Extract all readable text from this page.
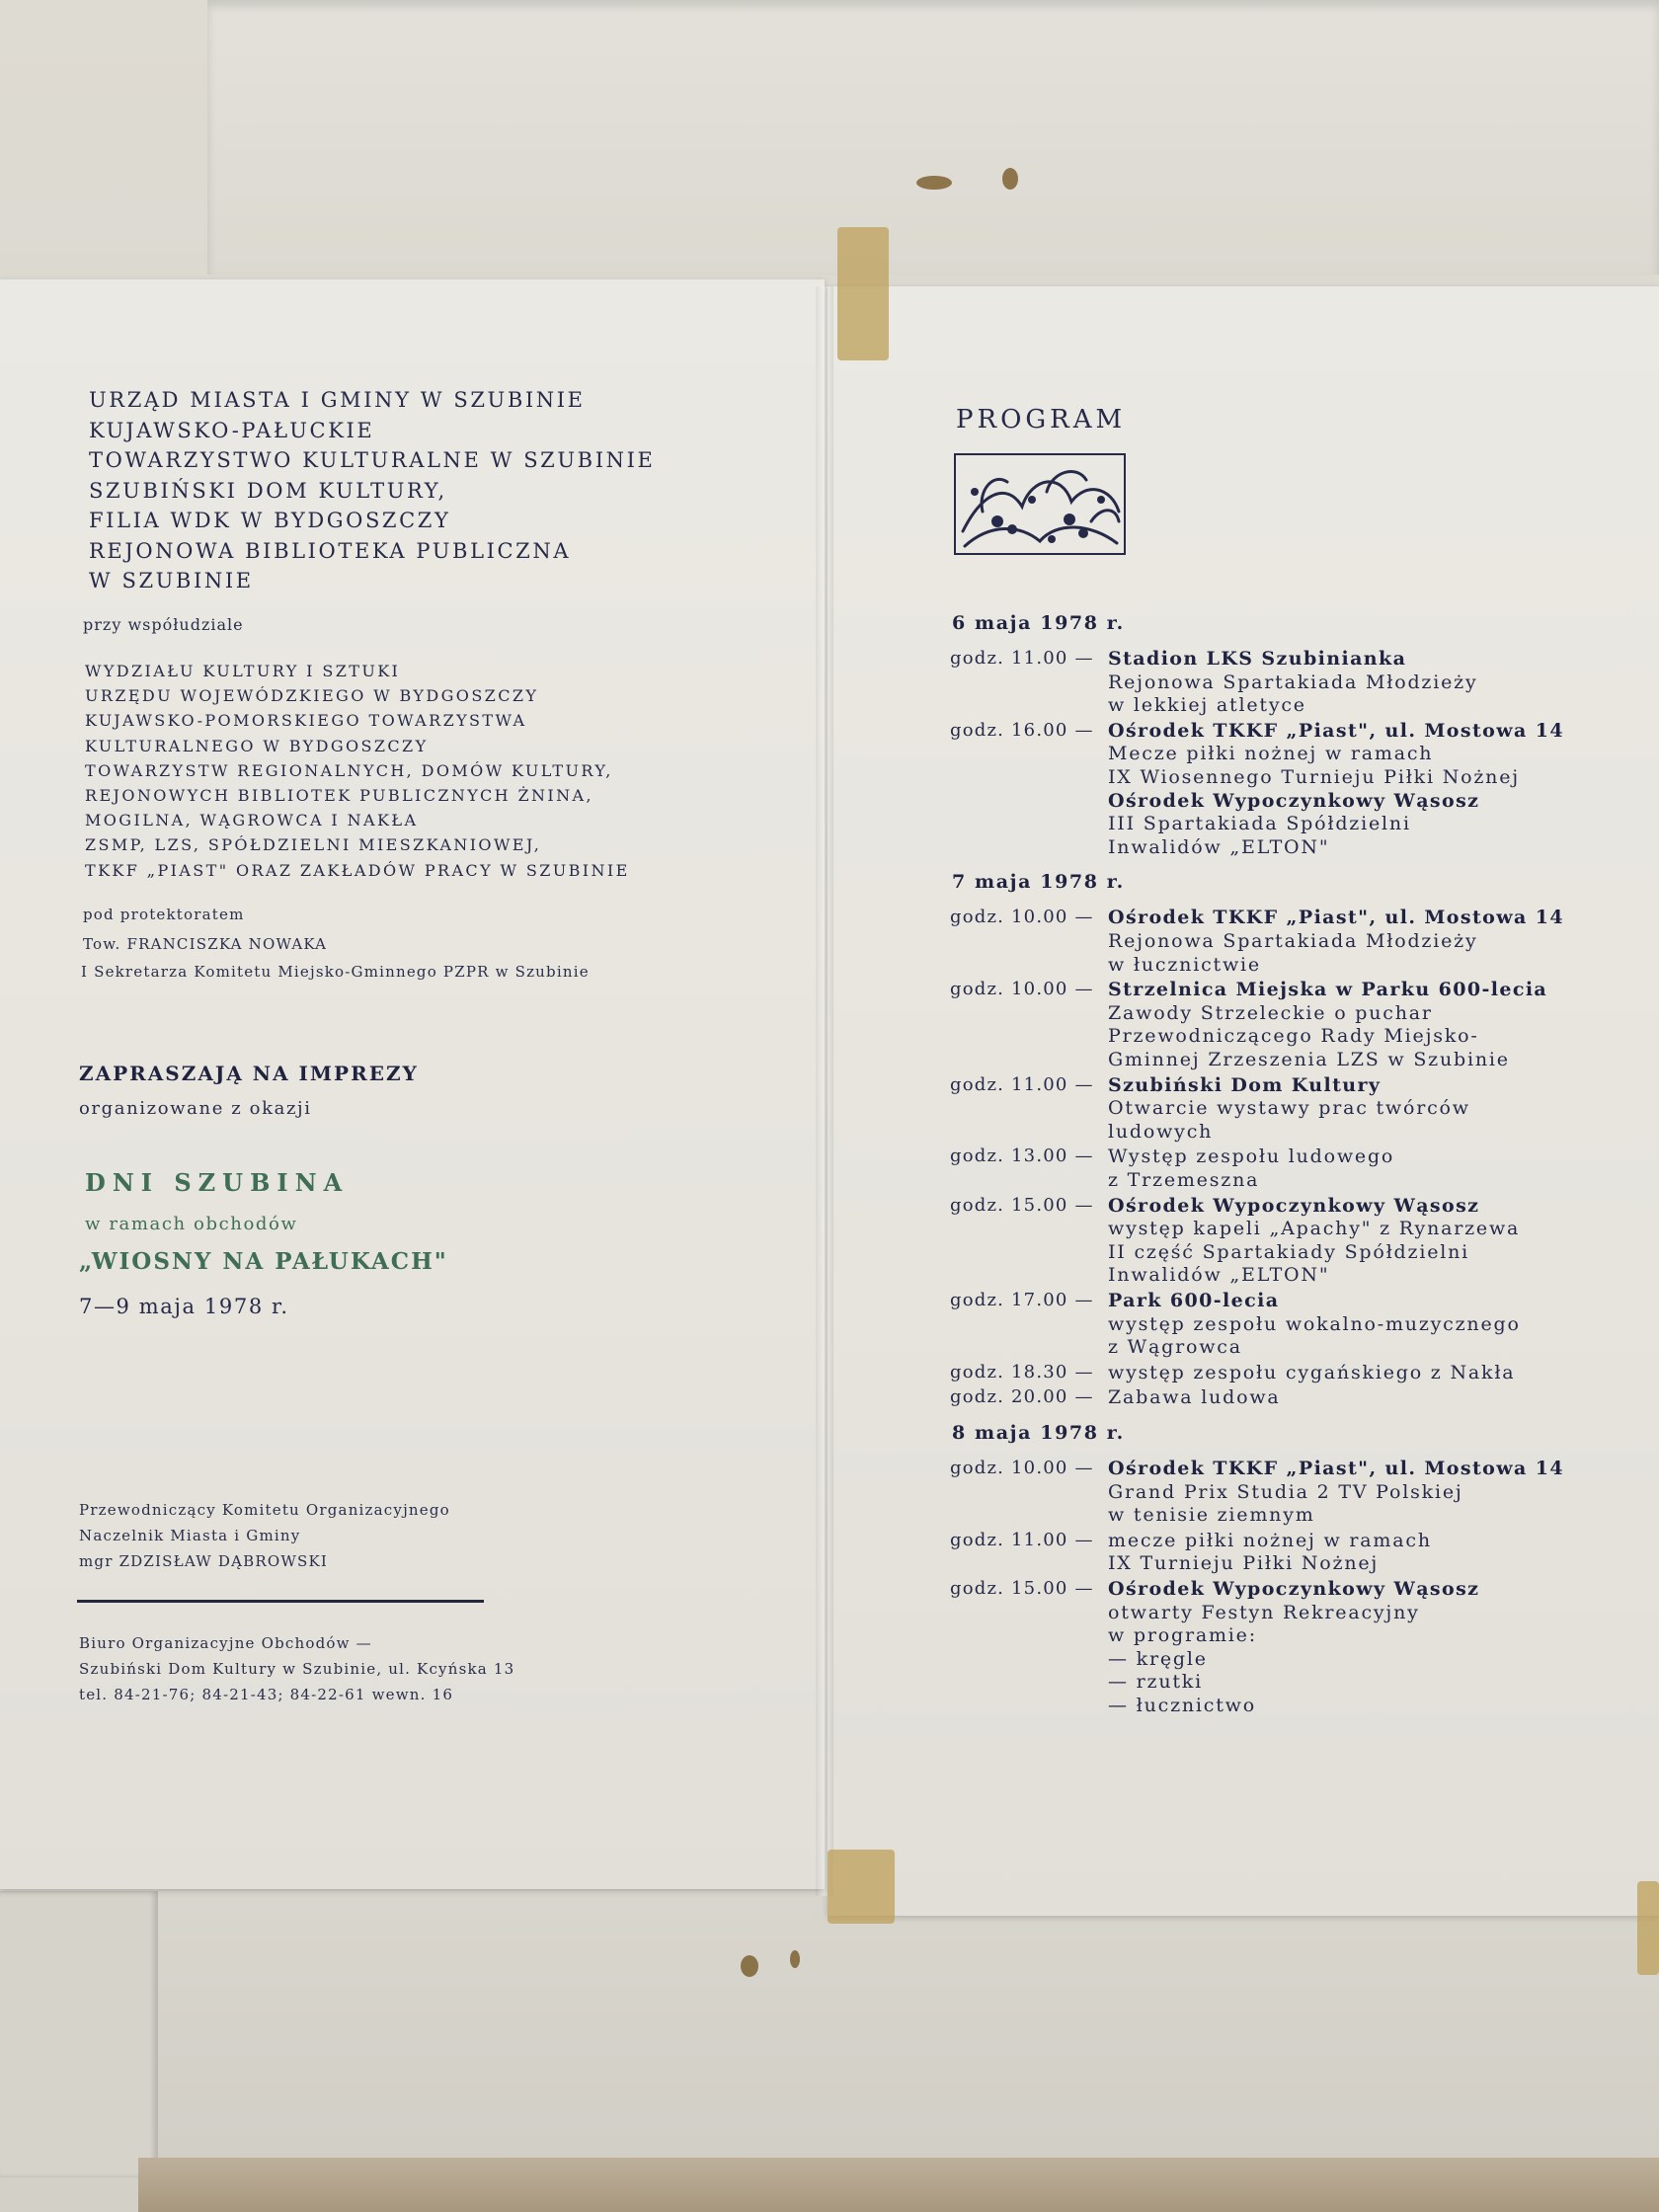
URZĄD MIASTA I GMINY W SZUBINIE
KUJAWSKO-PAŁUCKIE
TOWARZYSTWO KULTURALNE W SZUBINIE
SZUBIŃSKI DOM KULTURY,
FILIA WDK W BYDGOSZCZY
REJONOWA BIBLIOTEKA PUBLICZNA
W SZUBINIE
przy współudziale
WYDZIAŁU KULTURY I SZTUKI
URZĘDU WOJEWÓDZKIEGO W BYDGOSZCZY
KUJAWSKO-POMORSKIEGO TOWARZYSTWA
KULTURALNEGO W BYDGOSZCZY
TOWARZYSTW REGIONALNYCH, DOMÓW KULTURY,
REJONOWYCH BIBLIOTEK PUBLICZNYCH ŻNINA,
MOGILNA, WĄGROWCA I NAKŁA
ZSMP, LZS, SPÓŁDZIELNI MIESZKANIOWEJ,
TKKF „PIAST" ORAZ ZAKŁADÓW PRACY W SZUBINIE
pod protektoratem
Tow. FRANCISZKA NOWAKA
I Sekretarza Komitetu Miejsko-Gminnego PZPR w Szubinie
ZAPRASZAJĄ NA IMPREZY
organizowane z okazji
DNI SZUBINA
w ramach obchodów
„WIOSNY NA PAŁUKACH"
7—9 maja 1978 r.
Przewodniczący Komitetu Organizacyjnego
Naczelnik Miasta i Gminy
mgr ZDZISŁAW DĄBROWSKI
Biuro Organizacyjne Obchodów —
Szubiński Dom Kultury w Szubinie, ul. Kcyńska 13
tel. 84-21-76; 84-21-43; 84-22-61 wewn. 16
PROGRAM
6 maja 1978 r.
godz. 11.00 — Stadion LKS Szubinianka
Rejonowa Spartakiada Młodzieży
w lekkiej atletyce
godz. 16.00 — Ośrodek TKKF „Piast", ul. Mostowa 14
Mecze piłki nożnej w ramach
IX Wiosennego Turnieju Piłki Nożnej
Ośrodek Wypoczynkowy Wąsosz
III Spartakiada Spółdzielni
Inwalidów „ELTON"
7 maja 1978 r.
godz. 10.00 — Ośrodek TKKF „Piast", ul. Mostowa 14
Rejonowa Spartakiada Młodzieży
w łucznictwie
godz. 10.00 — Strzelnica Miejska w Parku 600-lecia
Zawody Strzeleckie o puchar
Przewodniczącego Rady Miejsko-
Gminnej Zrzeszenia LZS w Szubinie
godz. 11.00 — Szubiński Dom Kultury
Otwarcie wystawy prac twórców
ludowych
godz. 13.00 — Występ zespołu ludowego
z Trzemeszna
godz. 15.00 — Ośrodek Wypoczynkowy Wąsosz
występ kapeli „Apachy" z Rynarzewa
II część Spartakiady Spółdzielni
Inwalidów „ELTON"
godz. 17.00 — Park 600-lecia
występ zespołu wokalno-muzycznego
z Wągrowca
godz. 18.30 — występ zespołu cygańskiego z Nakła
godz. 20.00 — Zabawa ludowa
8 maja 1978 r.
godz. 10.00 — Ośrodek TKKF „Piast", ul. Mostowa 14
Grand Prix Studia 2 TV Polskiej
w tenisie ziemnym
godz. 11.00 — mecze piłki nożnej w ramach
IX Turnieju Piłki Nożnej
godz. 15.00 — Ośrodek Wypoczynkowy Wąsosz
otwarty Festyn Rekreacyjny
w programie:
— kręgle
— rzutki
— łucznictwo
